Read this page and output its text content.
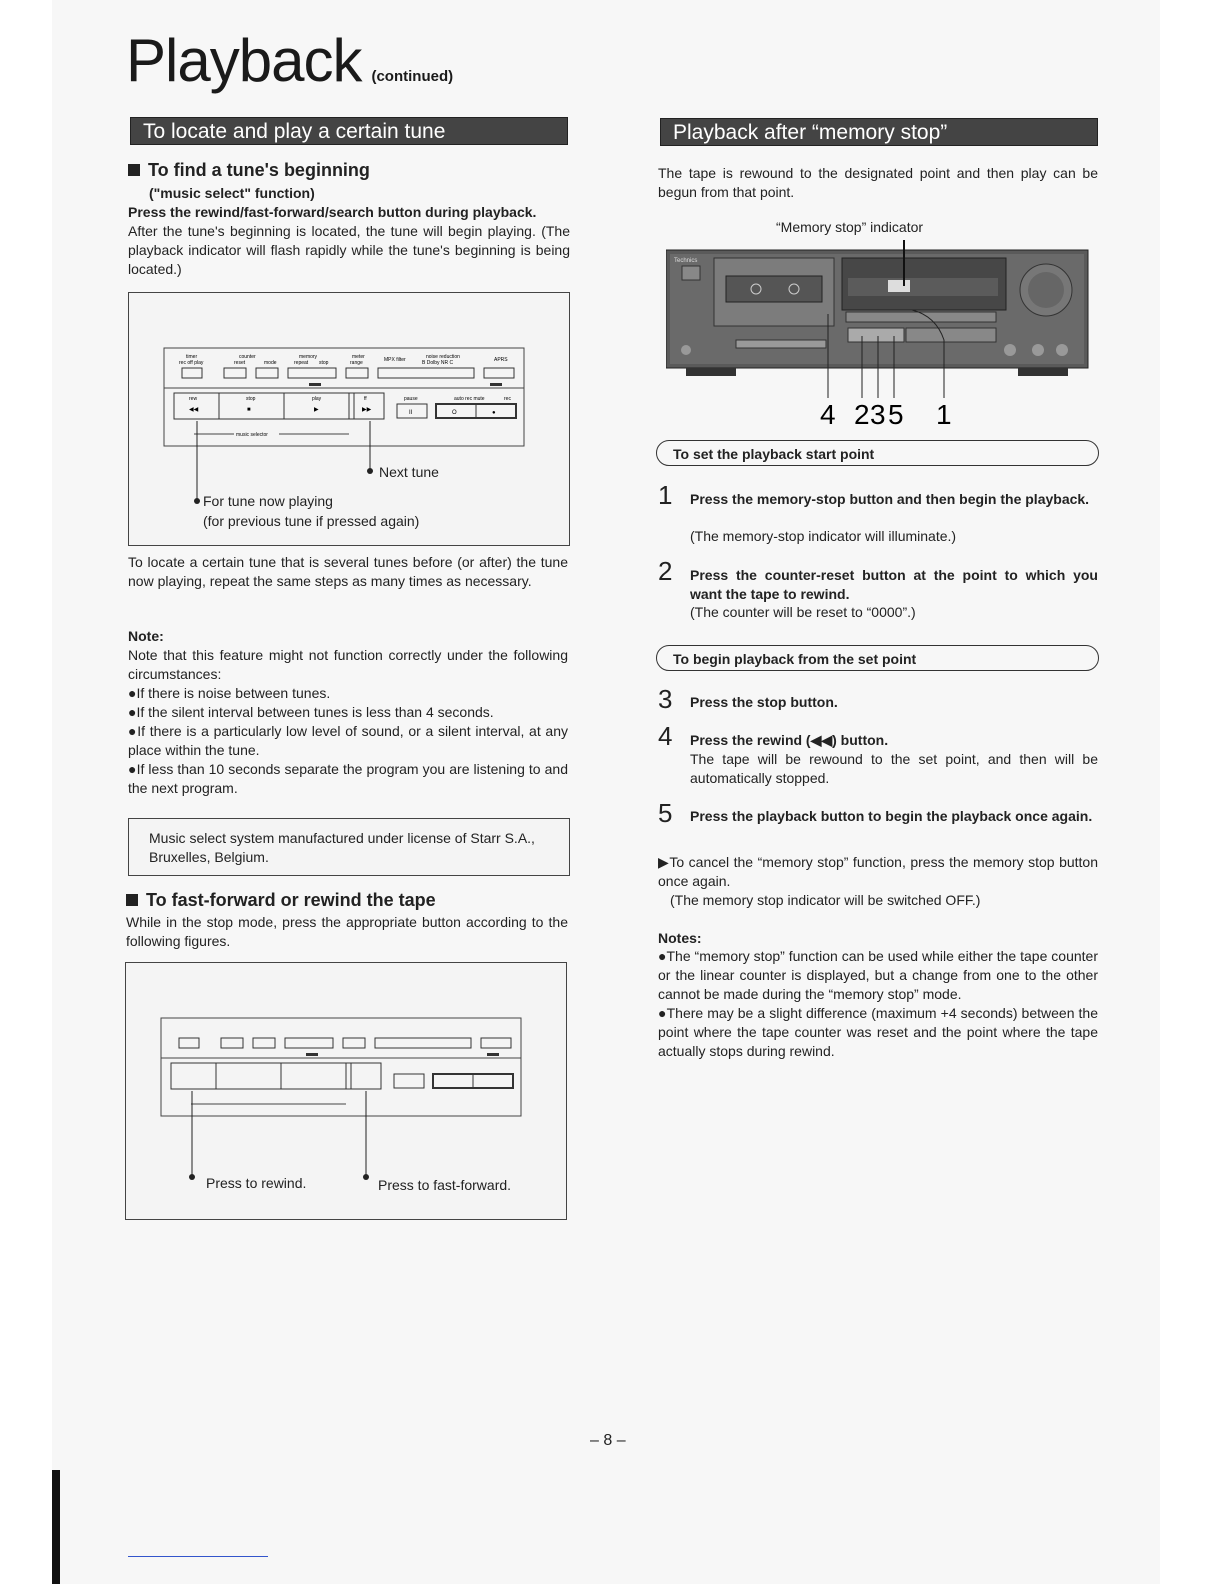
Playback (continued)
To locate and play a certain tune
To find a tune's beginning
("music select" function)
Press the rewind/fast-forward/search button during playback.
After the tune's beginning is located, the tune will begin playing. (The playback indicator will flash rapidly while the tune's beginning is being located.)
timer
rec off play
counter
reset	mode
memory
repeat stop
meter
range	MPX filter	noise reduction
B Dolby NR C	APRS
rew	stop	play	ff
◀◀	■	▶	▶▶
pause	auto rec mute	rec
II	O	●
music selector
Next tune
For tune now playing
(for previous tune if pressed again)
To locate a certain tune that is several tunes before (or after) the tune now playing, repeat the same steps as many times as necessary.
Note:
Note that this feature might not function correctly under the following circumstances:
●If there is noise between tunes.
●If the silent interval between tunes is less than 4 seconds.
●If there is a particularly low level of sound, or a silent interval, at any place within the tune.
●If less than 10 seconds separate the program you are listening to and the next program.
Music select system manufactured under license of Starr S.A., Bruxelles, Belgium.
To fast-forward or rewind the tape
While in the stop mode, press the appropriate button according to the following figures.
Press to rewind.	Press to fast-forward.
Playback after “memory stop”
The tape is rewound to the designated point and then play can be begun from that point.
“Memory stop” indicator
Technics
4 2 3 5 1
To set the playback start point
1 Press the memory-stop button and then begin the playback.
(The memory-stop indicator will illuminate.)
2 Press the counter-reset button at the point to which you want the tape to rewind.
(The counter will be reset to “0000”.)
To begin playback from the set point
3 Press the stop button.
4 Press the rewind (◀◀) button.
The tape will be rewound to the set point, and then will be automatically stopped.
5 Press the playback button to begin the playback once again.
▶To cancel the “memory stop” function, press the memory stop button once again.
(The memory stop indicator will be switched OFF.)
Notes:
●The “memory stop” function can be used while either the tape counter or the linear counter is displayed, but a change from one to the other cannot be made during the “memory stop” mode.
●There may be a slight difference (maximum +4 seconds) between the point where the tape counter was reset and the point where the tape actually stops during rewind.
– 8 –
